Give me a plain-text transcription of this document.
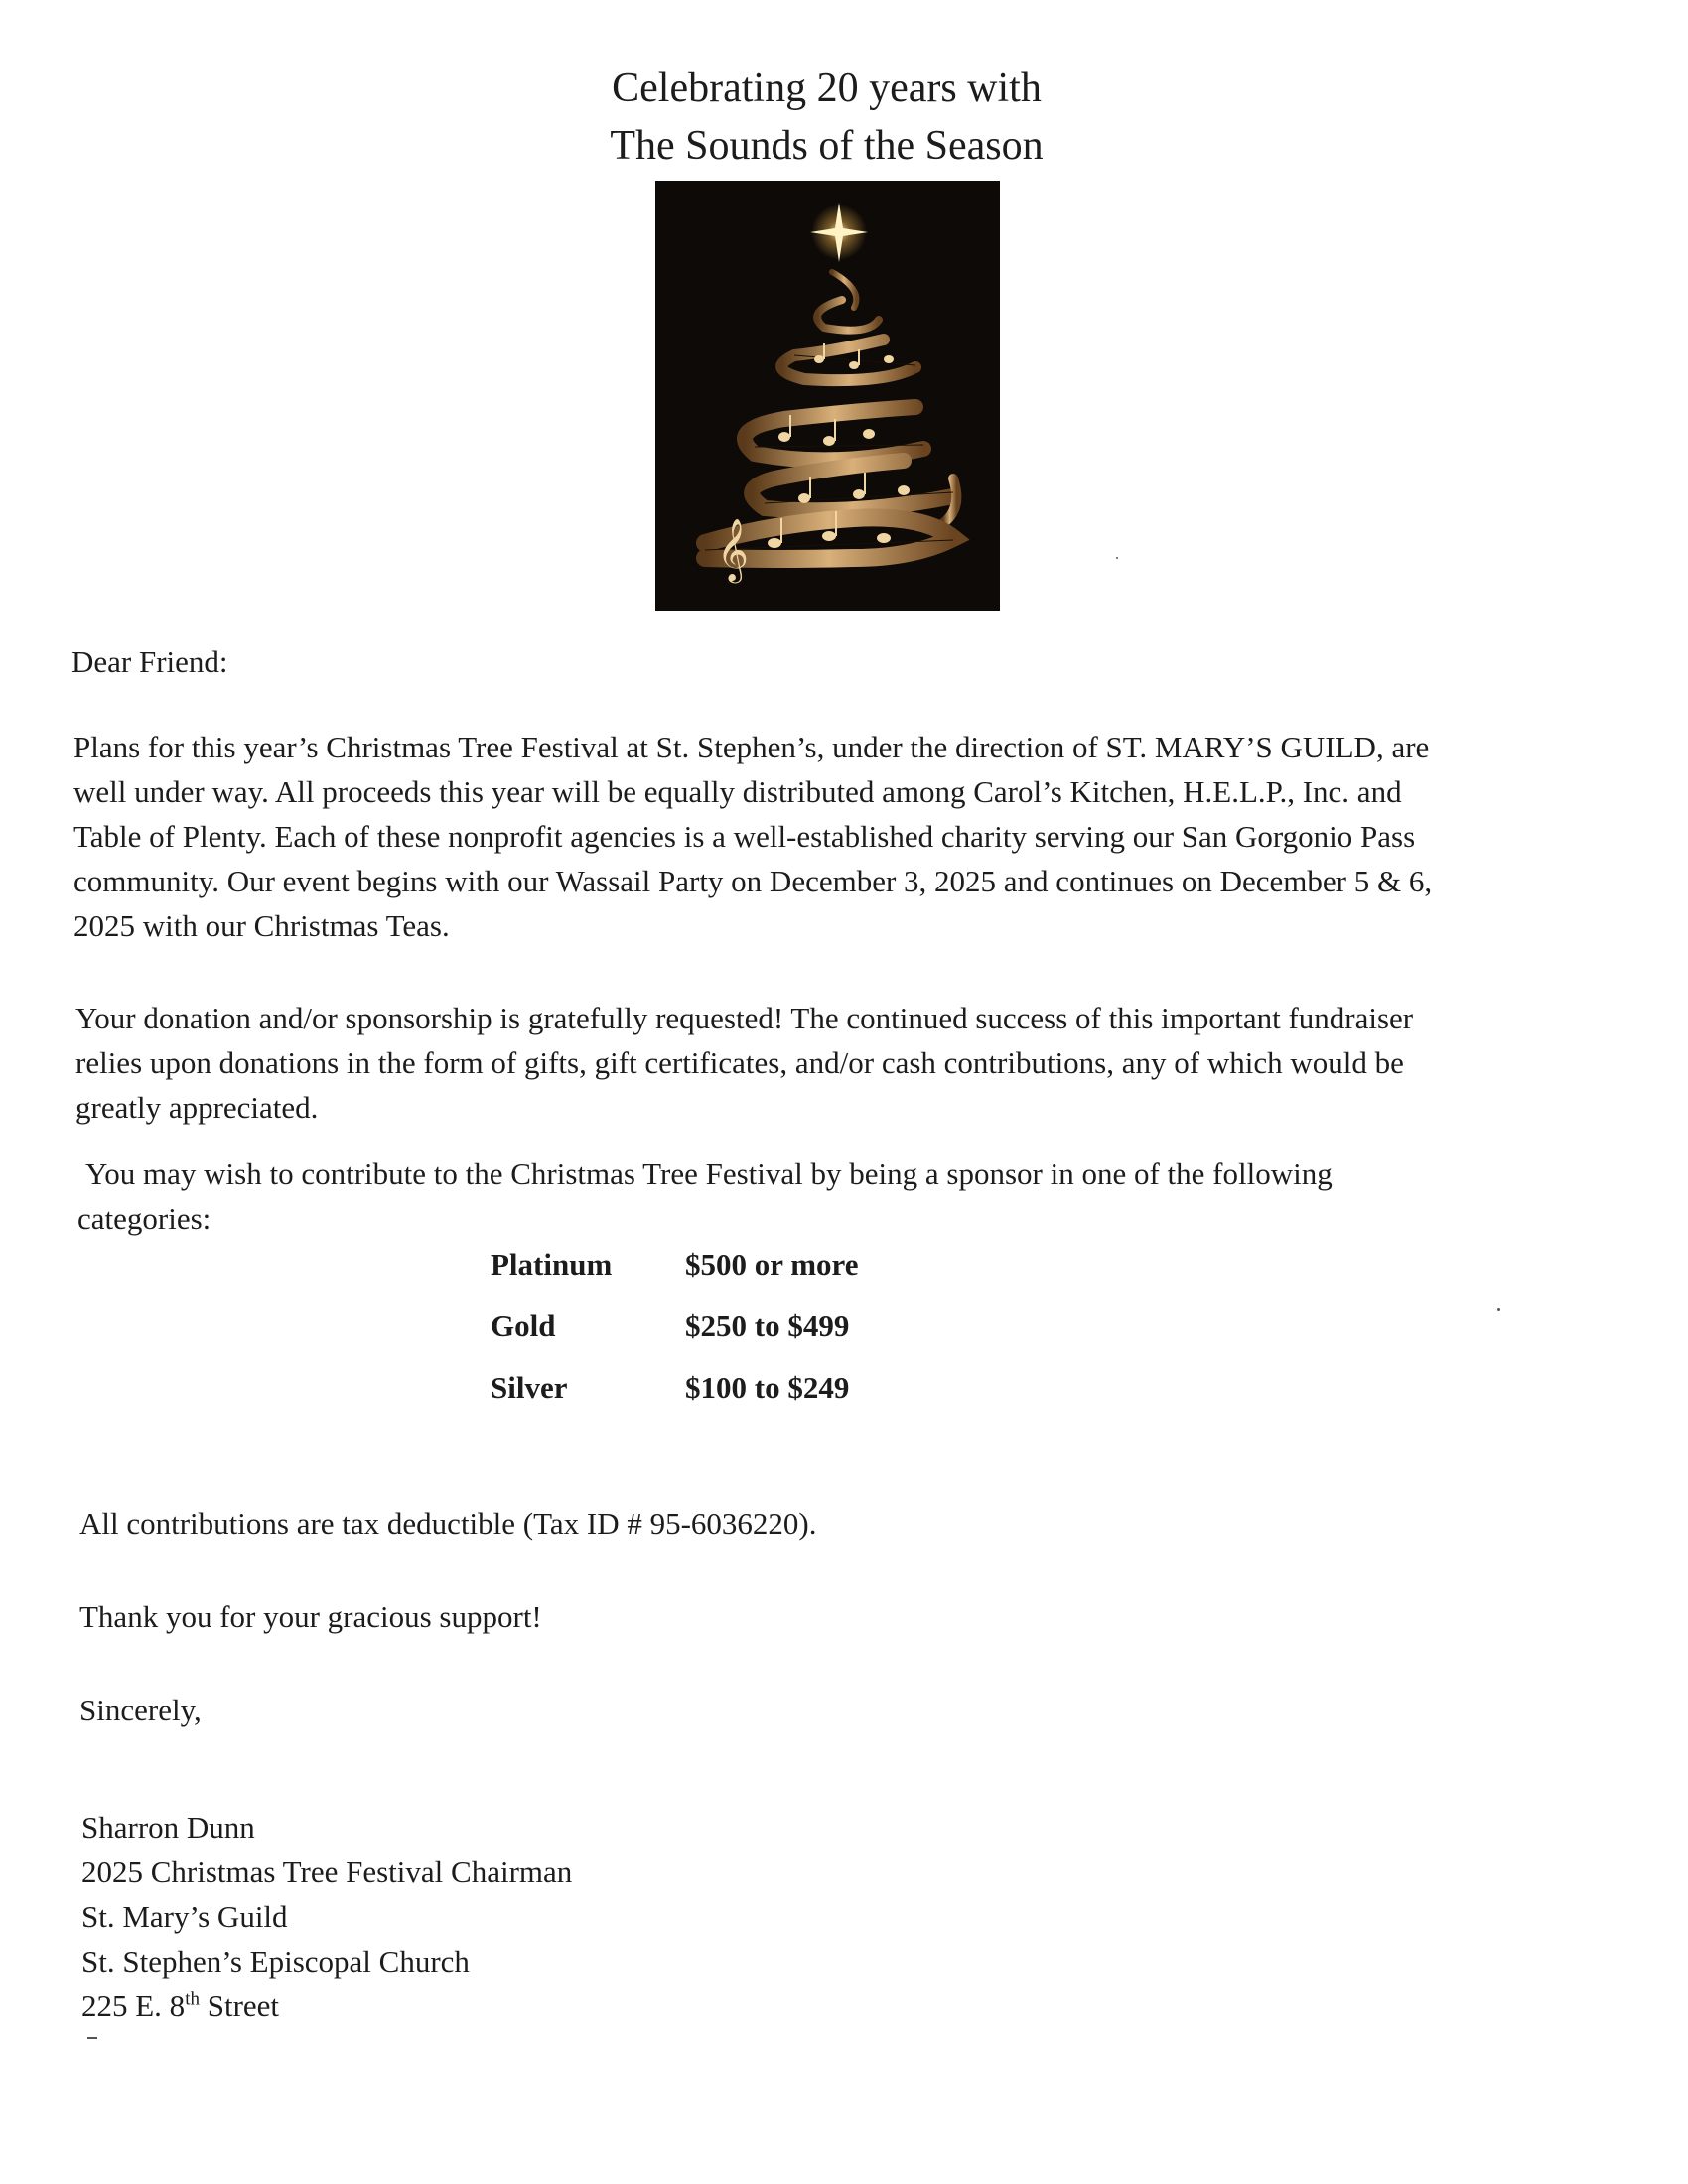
Celebrating 20 years with
The Sounds of the Season
𝄞
Dear Friend:
Plans for this year’s Christmas Tree Festival at St. Stephen’s, under the direction of ST. MARY’S GUILD, are
well under way. All proceeds this year will be equally distributed among Carol’s Kitchen, H.E.L.P., Inc. and
Table of Plenty. Each of these nonprofit agencies is a well-established charity serving our San Gorgonio Pass
community. Our event begins with our Wassail Party on December 3, 2025 and continues on December 5 & 6,
2025 with our Christmas Teas.
Your donation and/or sponsorship is gratefully requested! The continued success of this important fundraiser
relies upon donations in the form of gifts, gift certificates, and/or cash contributions, any of which would be
greatly appreciated.
You may wish to contribute to the Christmas Tree Festival by being a sponsor in one of the following
categories:
Platinum $500 or more
Gold	$250 to $499
Silver	$100 to $249
All contributions are tax deductible (Tax ID # 95-6036220).
Thank you for your gracious support!
Sincerely,
Sharron Dunn
2025 Christmas Tree Festival Chairman
St. Mary’s Guild
St. Stephen’s Episcopal Church
225 E. 8th Street
